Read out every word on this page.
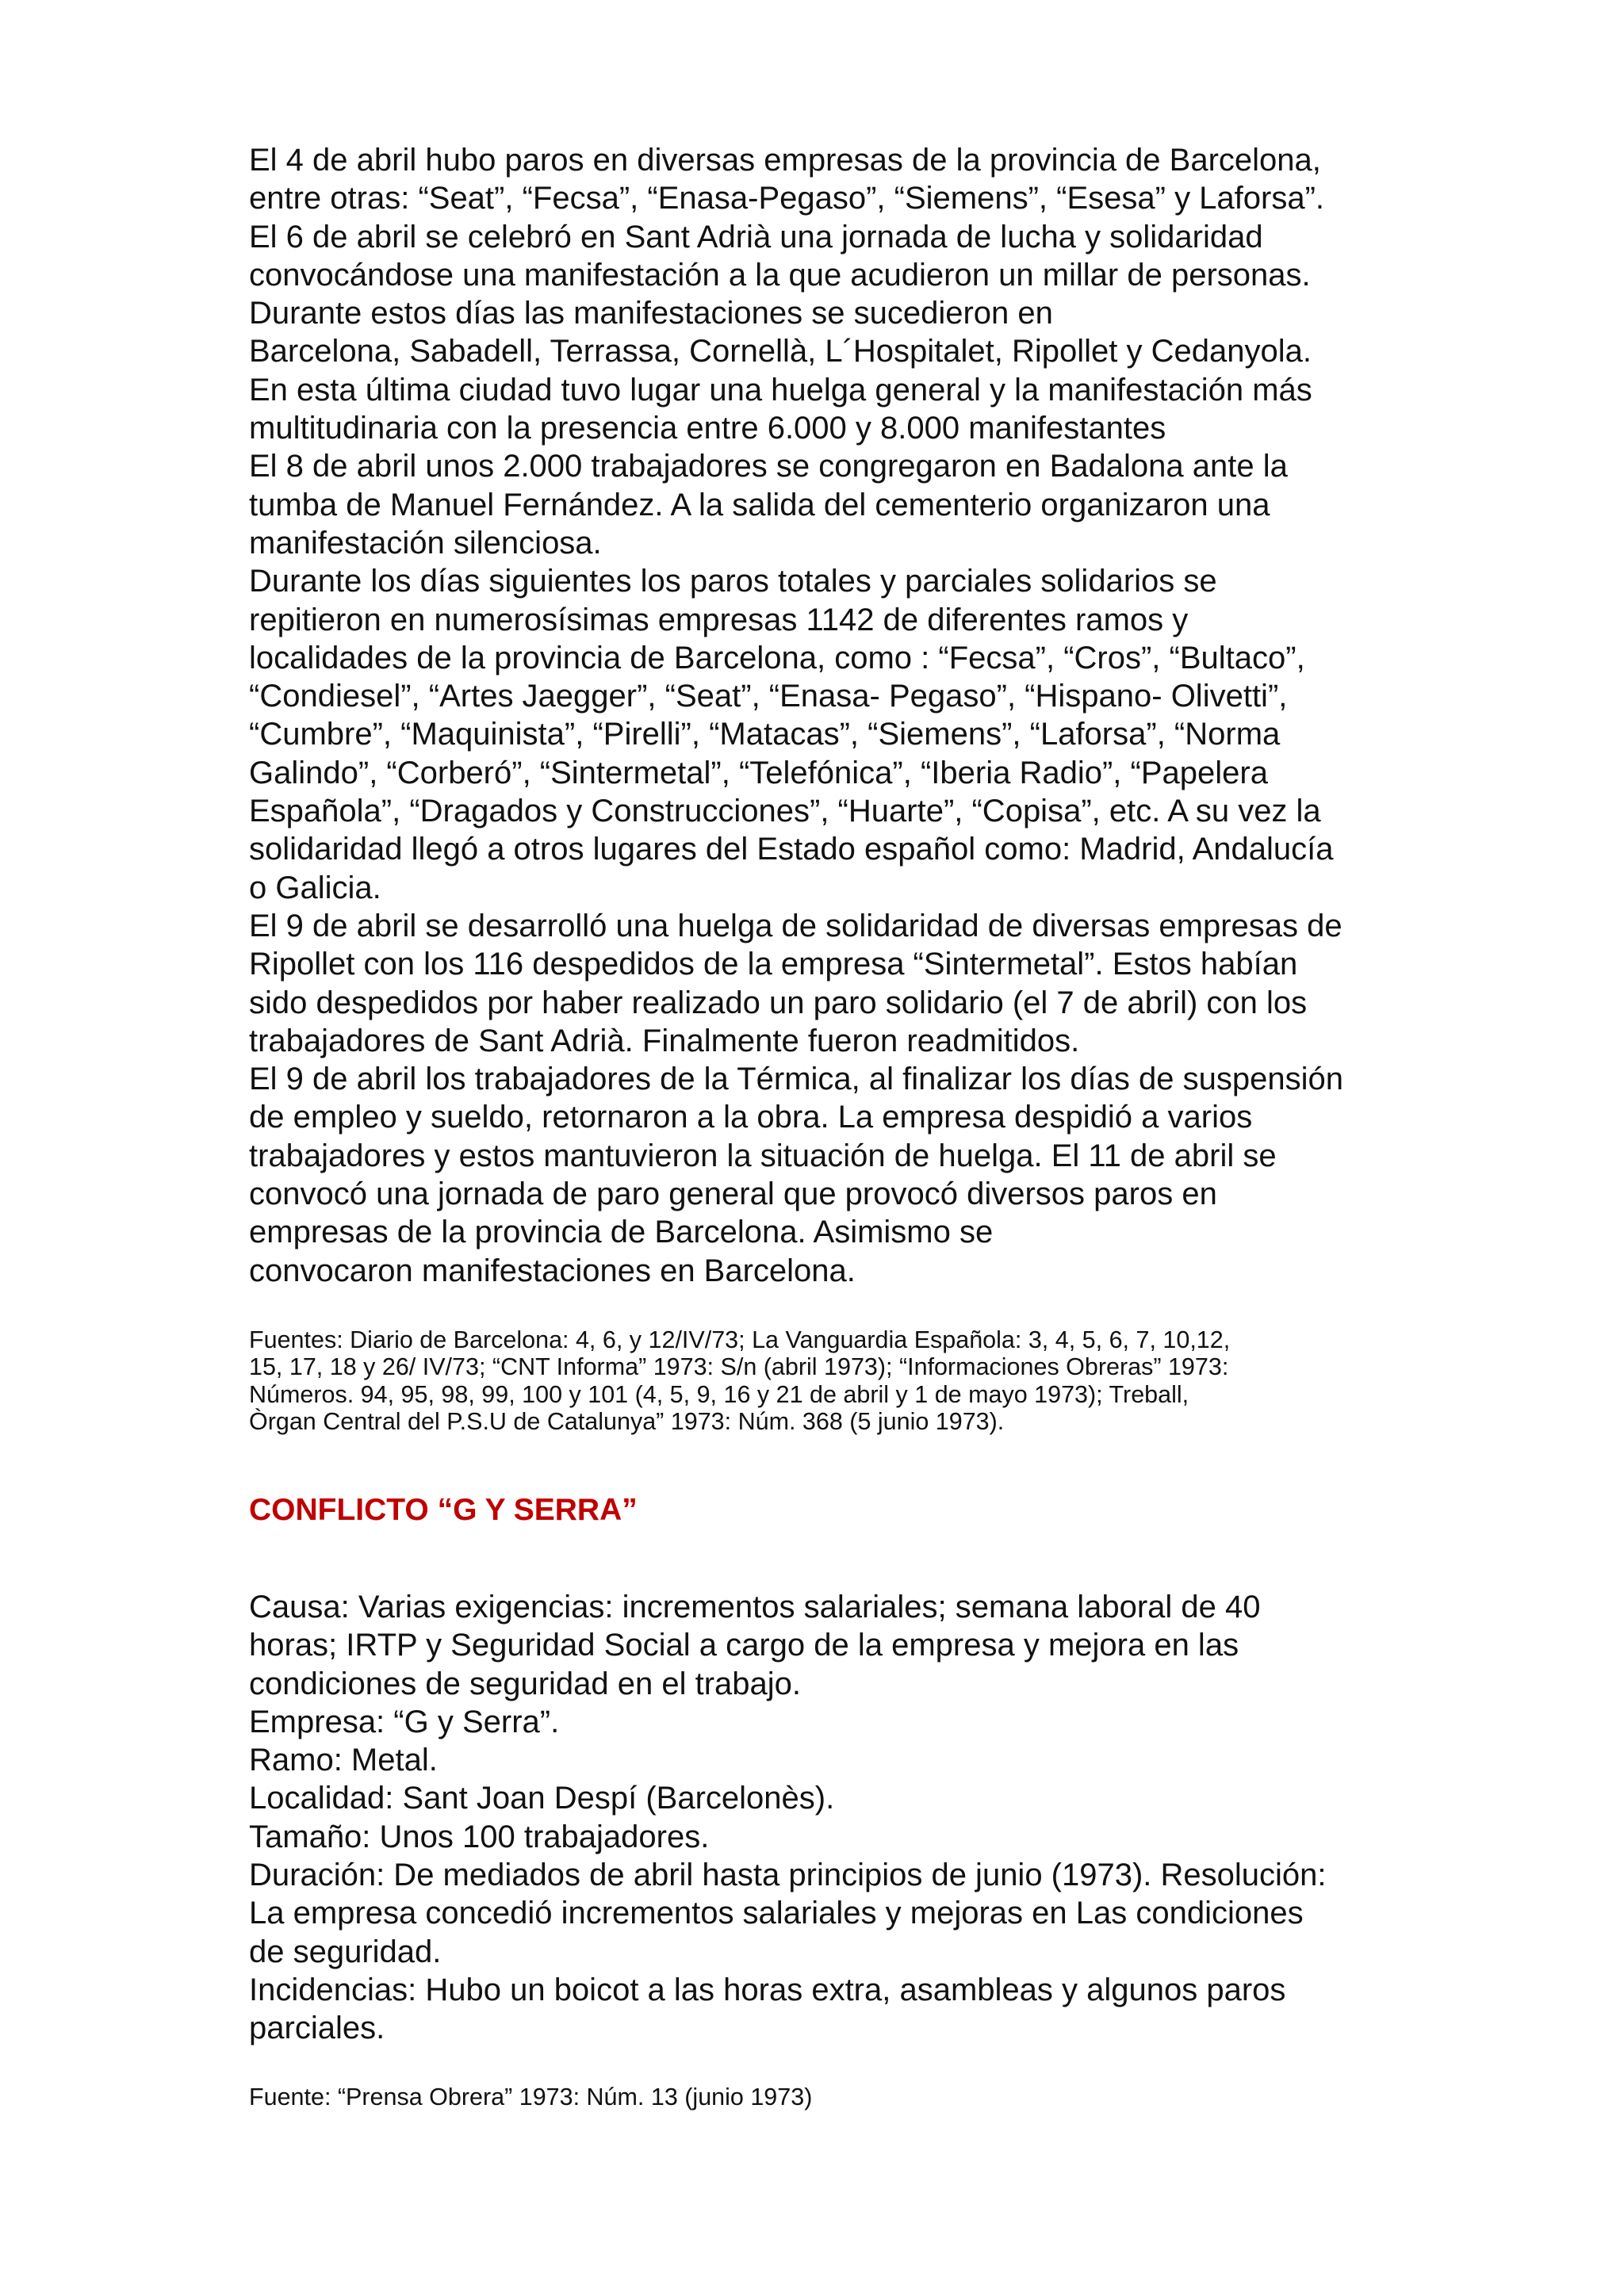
El 4 de abril hubo paros en diversas empresas de la provincia de Barcelona,

entre otras: “Seat”, “Fecsa”, “Enasa-Pegaso”, “Siemens”, “Esesa” y Laforsa”.

El 6 de abril se celebró en Sant Adrià una jornada de lucha y solidaridad

convocándose una manifestación a la que acudieron un millar de personas.

Durante estos días las manifestaciones se sucedieron en

Barcelona, Sabadell, Terrassa, Cornellà, L´Hospitalet, Ripollet y Cedanyola.

En esta última ciudad tuvo lugar una huelga general y la manifestación más

multitudinaria con la presencia entre 6.000 y 8.000 manifestantes

El 8 de abril unos 2.000 trabajadores se congregaron en Badalona ante la

tumba de Manuel Fernández. A la salida del cementerio organizaron una

manifestación silenciosa.

Durante los días siguientes los paros totales y parciales solidarios se

repitieron en numerosísimas empresas 1142 de diferentes ramos y

localidades de la provincia de Barcelona, como : “Fecsa”, “Cros”, “Bultaco”,

“Condiesel”, “Artes Jaegger”, “Seat”, “Enasa- Pegaso”, “Hispano- Olivetti”,

“Cumbre”, “Maquinista”, “Pirelli”, “Matacas”, “Siemens”, “Laforsa”, “Norma

Galindo”, “Corberó”, “Sintermetal”, “Telefónica”, “Iberia Radio”, “Papelera

Española”, “Dragados y Construcciones”, “Huarte”, “Copisa”, etc. A su vez la

solidaridad llegó a otros lugares del Estado español como: Madrid, Andalucía

o Galicia.

El 9 de abril se desarrolló una huelga de solidaridad de diversas empresas de

Ripollet con los 116 despedidos de la empresa “Sintermetal”. Estos habían

sido despedidos por haber realizado un paro solidario (el 7 de abril) con los

trabajadores de Sant Adrià. Finalmente fueron readmitidos.

El 9 de abril los trabajadores de la Térmica, al finalizar los días de suspensión

de empleo y sueldo, retornaron a la obra. La empresa despidió a varios

trabajadores y estos mantuvieron la situación de huelga. El 11 de abril se

convocó una jornada de paro general que provocó diversos paros en

empresas de la provincia de Barcelona. Asimismo se

convocaron manifestaciones en Barcelona.

Fuentes: Diario de Barcelona: 4, 6, y 12/IV/73; La Vanguardia Española: 3, 4, 5, 6, 7, 10,12,

15, 17, 18 y 26/ IV/73; “CNT Informa” 1973: S/n (abril 1973); “Informaciones Obreras” 1973:

Números. 94, 95, 98, 99, 100 y 101 (4, 5, 9, 16 y 21 de abril y 1 de mayo 1973); Treball,

Òrgan Central del P.S.U de Catalunya” 1973: Núm. 368 (5 junio 1973).

CONFLICTO “G Y SERRA”

Causa: Varias exigencias: incrementos salariales; semana laboral de 40

horas; IRTP y Seguridad Social a cargo de la empresa y mejora en las

condiciones de seguridad en el trabajo.

Empresa: “G y Serra”.

Ramo: Metal.

Localidad: Sant Joan Despí (Barcelonès).

Tamaño: Unos 100 trabajadores.

Duración: De mediados de abril hasta principios de junio (1973). Resolución:

La empresa concedió incrementos salariales y mejoras en Las condiciones

de seguridad.

Incidencias: Hubo un boicot a las horas extra, asambleas y algunos paros

parciales.

Fuente: “Prensa Obrera” 1973: Núm. 13 (junio 1973)
